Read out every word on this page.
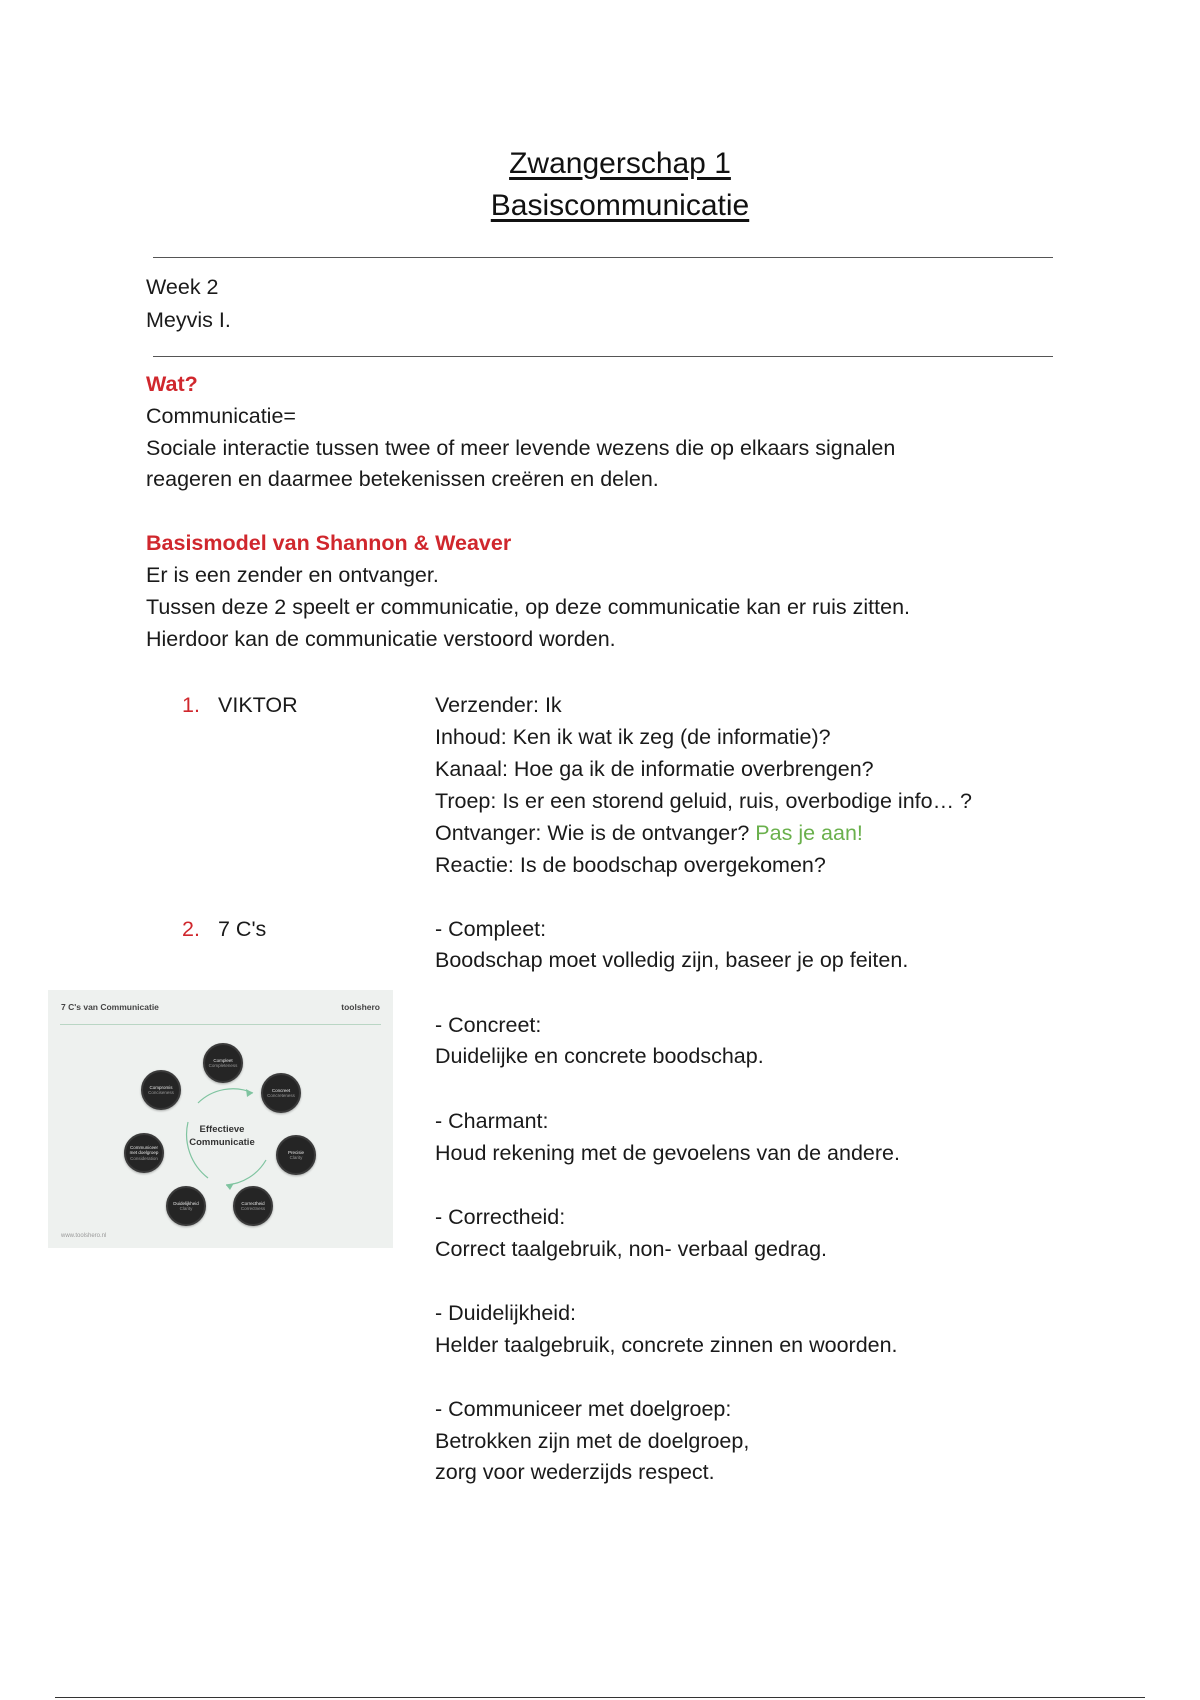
Zwangerschap 1
Basiscommunicatie
Week 2
Meyvis I.
Wat?
Communicatie=
Sociale interactie tussen twee of meer levende wezens die op elkaars signalen
reageren en daarmee betekenissen creëren en delen.
Basismodel van Shannon & Weaver
Er is een zender en ontvanger.
Tussen deze 2 speelt er communicatie, op deze communicatie kan er ruis zitten.
Hierdoor kan de communicatie verstoord worden.
1. VIKTOR	Verzender: Ik
Inhoud: Ken ik wat ik zeg (de informatie)?
Kanaal: Hoe ga ik de informatie overbrengen?
Troep: Is er een storend geluid, ruis, overbodige info… ?
Ontvanger: Wie is de ontvanger? Pas je aan!
Reactie: Is de boodschap overgekomen?
2. 7 C's	- Compleet:
Boodschap moet volledig zijn, baseer je op feiten.
- Concreet:
Duidelijke en concrete boodschap.
- Charmant:
Houd rekening met de gevoelens van de andere.
- Correctheid:
Correct taalgebruik, non- verbaal gedrag.
- Duidelijkheid:
Helder taalgebruik, concrete zinnen en woorden.
- Communiceer met doelgroep:
Betrokken zijn met de doelgroep,
zorg voor wederzijds respect.
7 C's van Communicatie	toolshero
Effectieve
Communicatie
Compleet
Completeness
Concreet
Concreteness
Precisie
Clarity
Correctheid
Correctness
Duidelijkheid
Clarity
Communiceer met doelgroep
Consideration
Compromis
Conciseness
www.toolshero.nl
